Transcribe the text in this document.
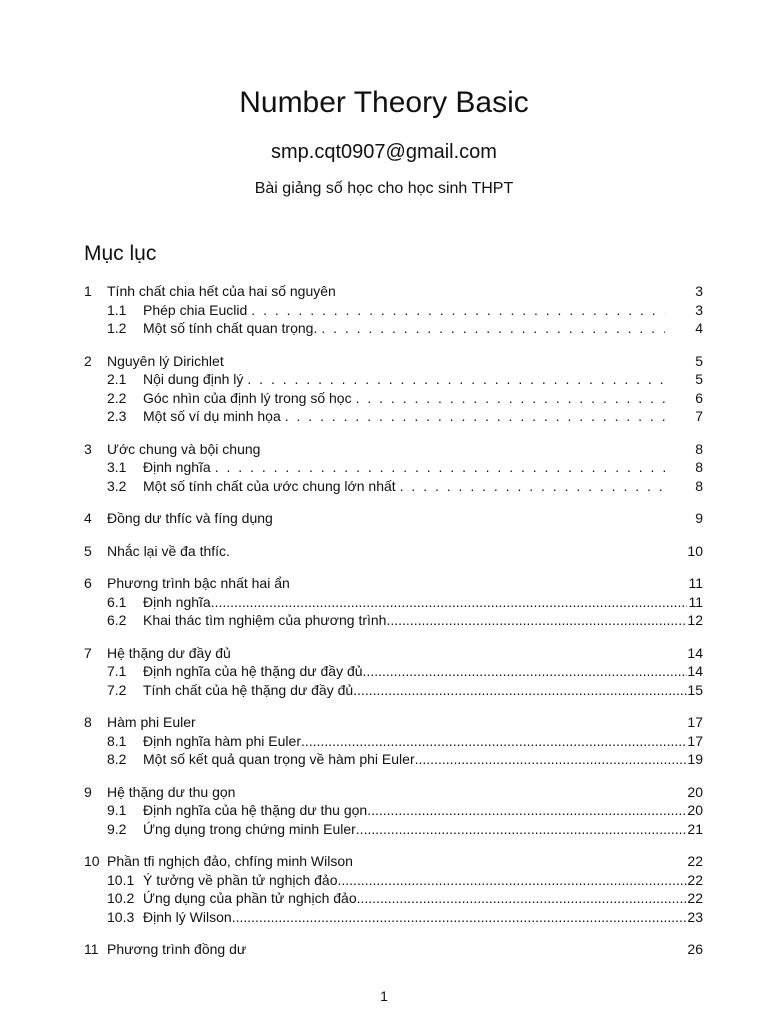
Number Theory Basic
smp.cqt0907@gmail.com
Bài giảng số học cho học sinh THPT
Mục lục
1	Tính chất chia hết của hai số nguyên	3
1.1	Phép chia Euclid . . .	3
1.2	Một số tính chất quan trọng. . . .	4
2	Nguyên lý Dirichlet	5
2.1	Nội dung định lý . . .	5
2.2	Góc nhìn của định lý trong số học . . .	6
2.3	Một số ví dụ minh họa . . .	7
3	Ước chung và bội chung	8
3.1	Định nghĩa . . .	8
3.2	Một số tính chất của ước chung lớn nhất . . .	8
4	Đồng dư thfíc và fíng dụng	9
5	Nhắc lại về đa thfíc.	10
6	Phương trình bậc nhất hai ẩn	11
6.1	Định nghĩa .....	11
6.2	Khai thác tìm nghiệm của phương trình .....	12
7	Hệ thặng dư đầy đủ	14
7.1	Định nghĩa của hệ thặng dư đầy đủ .....	14
7.2	Tính chất của hệ thặng dư đầy đủ .....	15
8	Hàm phi Euler	17
8.1	Định nghĩa hàm phi Euler .....	17
8.2	Một số kết quả quan trọng về hàm phi Euler .....	19
9	Hệ thặng dư thu gọn	20
9.1	Định nghĩa của hệ thặng dư thu gọn .....	20
9.2	Ứng dụng trong chứng minh Euler .....	21
10 Phần tfi nghịch đảo, chfíng minh Wilson	22
10.1 Ý tưởng về phần tử nghịch đảo .....	22
10.2 Ứng dụng của phần tử nghịch đảo .....	22
10.3 Định lý Wilson .....	23
11 Phương trình đồng dư	26
1
